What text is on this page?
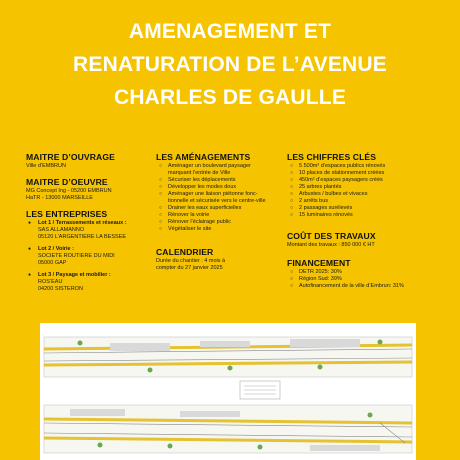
AMENAGEMENT ET
RENATURATION DE L’AVENUE
CHARLES DE GAULLE
MAITRE D’OUVRAGE
Ville d’EMBRUN
MAITRE D’OEUVRE
MG Concept Ing - 05200 EMBRUN
HaTR - 13000 MARSEILLE
LES ENTREPRISES
● Lot 1 / Terrassements et réseaux :
SAS ALLAMANNO
05120 L’ARGENTIERE LA BESSEE
● Lot 2 / Voirie :
SOCIETE ROUTIERE DU MIDI
05000 GAP
● Lot 3 / Paysage et mobilier :
ROS’EAU
04200 SISTERON
LES AMÉNAGEMENTS
○ Aménager un boulevard paysager
marquant l’entrée de Ville
○ Sécuriser les déplacements
○ Développer les modes doux
○ Aménager une liaison piétonne fonc-
tionnelle et sécurisée vers le centre-ville
○ Drainer les eaux superficielles
○ Rénover la voirie
○ Rénover l’éclairage public
○ Végétaliser le site
CALENDRIER
Durée du chantier : 4 mois à
compter du 27 janvier 2025
LES CHIFFRES CLÉS
○ 5 500m² d’espaces publics rénovés
○ 10 places de stationnement créées
○ 450m² d’espaces paysagers créés
○ 25 arbres plantés
○ Arbustes / bulbes et vivaces
○ 2 arrêts bus
○ 2 passages surélevés
○ 15 luminaires rénovés
COÛT DES TRAVAUX
Montant des travaux : 850 000 € HT
FINANCEMENT
○ DETR 2025: 30%
○ Région Sud: 39%
○ Autofinancement de la ville d’Embrun: 31%
